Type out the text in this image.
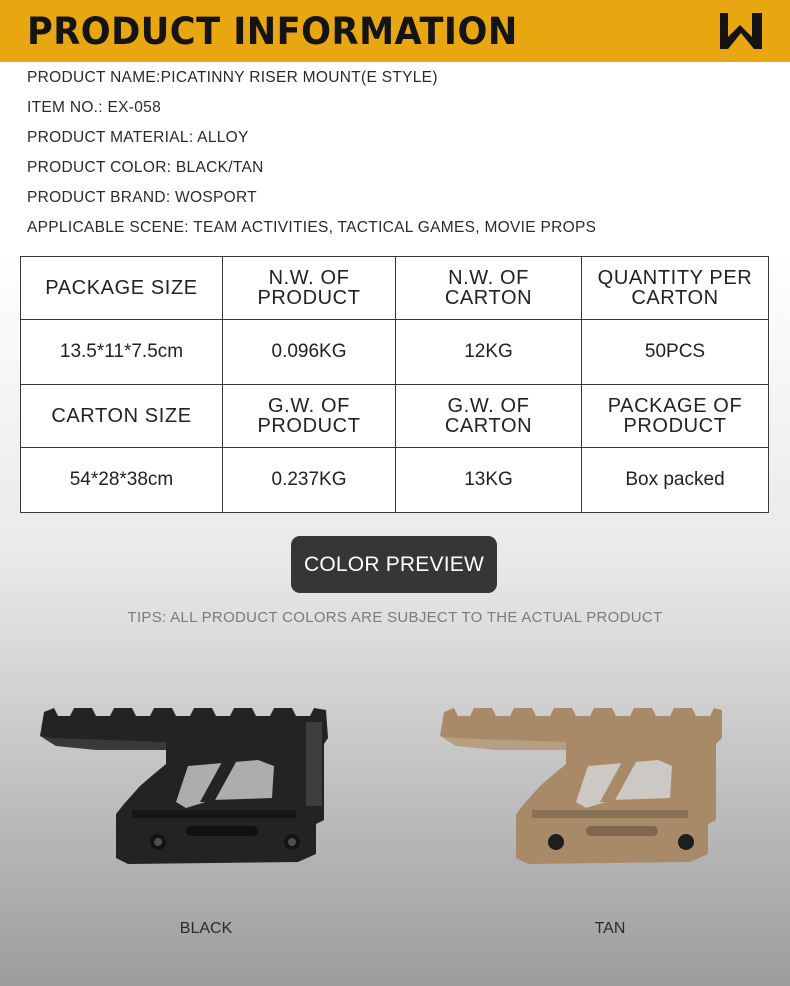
PRODUCT INFORMATION
PRODUCT NAME:PICATINNY RISER MOUNT(E STYLE)
ITEM NO.: EX-058
PRODUCT MATERIAL: ALLOY
PRODUCT COLOR: BLACK/TAN
PRODUCT BRAND: WOSPORT
APPLICABLE SCENE: TEAM ACTIVITIES, TACTICAL GAMES, MOVIE PROPS
PACKAGE SIZE	N.W. OF PRODUCT	N.W. OF CARTON	QUANTITY PER CARTON
13.5*11*7.5cm	0.096KG	12KG	50PCS
CARTON SIZE	G.W. OF PRODUCT	G.W. OF CARTON	PACKAGE OF PRODUCT
54*28*38cm	0.237KG	13KG	Box packed
COLOR PREVIEW
TIPS: ALL PRODUCT COLORS ARE SUBJECT TO THE ACTUAL PRODUCT
BLACK	TAN
